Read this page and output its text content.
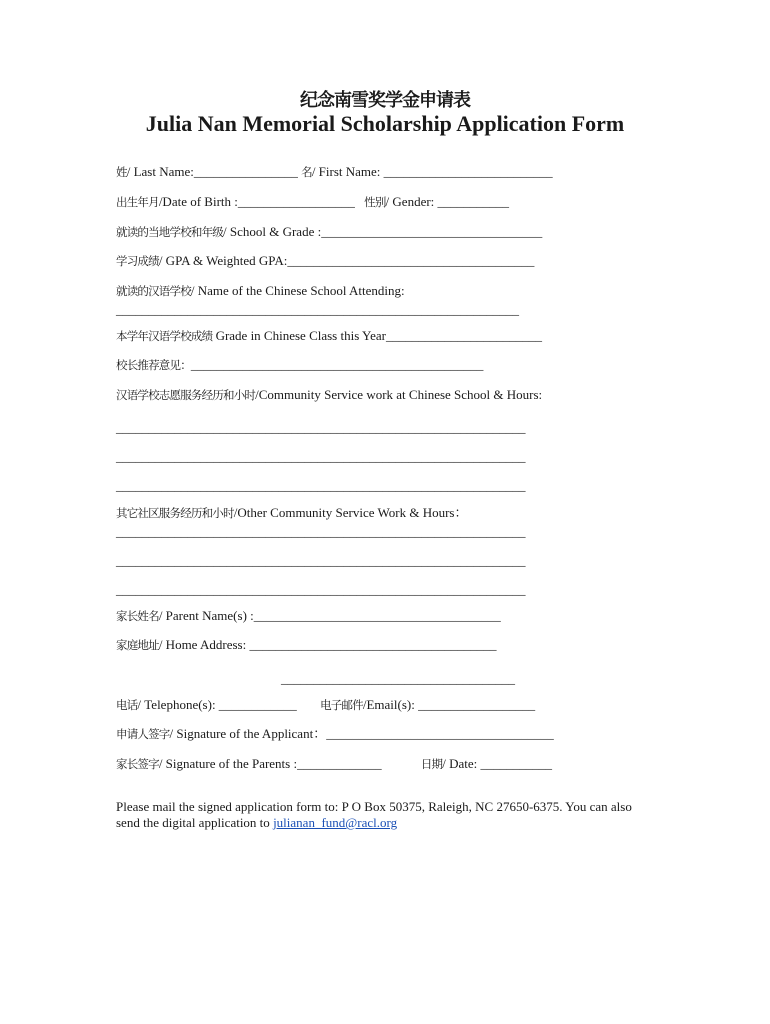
纪念南雪奖学金申请表
Julia Nan Memorial Scholarship Application Form
姓/ Last Name:________________ 名/ First Name: __________________________
出生年月/Date of Birth :__________________ 性别/ Gender: ___________
就读的当地学校和年级/ School & Grade :__________________________________
学习成绩/ GPA & Weighted GPA:______________________________________
就读的汉语学校/ Name of the Chinese School Attending:
______________________________________________________________
本学年汉语学校成绩 Grade in Chinese Class this Year________________________
校长推荐意见：_____________________________________________
汉语学校志愿服务经历和小时/Community Service work at Chinese School & Hours:
_______________________________________________________________
_______________________________________________________________
_______________________________________________________________
其它社区服务经历和小时/Other Community Service Work & Hours：
_______________________________________________________________
_______________________________________________________________
_______________________________________________________________
家长姓名/ Parent Name(s) :______________________________________
家庭地址/ Home Address: ______________________________________
____________________________________
电话/ Telephone(s): ____________ 电子邮件/Email(s): __________________
申请人签字/ Signature of the Applicant：___________________________________
家长签字/ Signature of the Parents :_____________	日期/ Date: ___________
Please mail the signed application form to: P O Box 50375, Raleigh, NC 27650-6375. You can also send the digital application to julianan_fund@racl.org
